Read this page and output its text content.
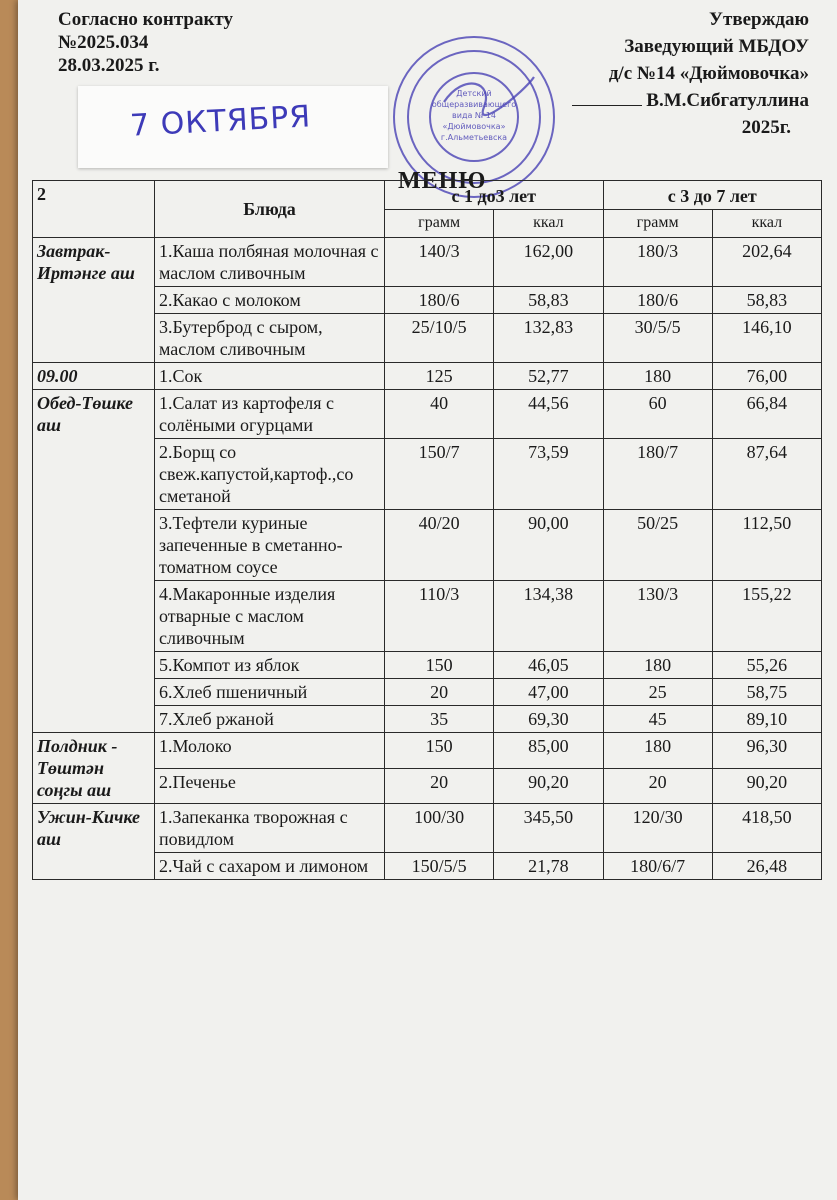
Согласно контракту
№2025.034
28.03.2025 г.
Утверждаю
Заведующий МБДОУ
д/с №14 «Дюймовочка»
В.М.Сибгатуллина
2025г.
Детский
общеразвивающего
вида № 14
«Дюймовочка»
г.Альметьевска
7 ОКТЯБРЯ
МЕНЮ
2	Блюда	с 1 до3 лет		с 3 до 7 лет	
		грамм	ккал	грамм	ккал
Завтрак-Иртәнге аш	1.Каша полбяная молочная с маслом сливочным	140/3	162,00	180/3	202,64
	2.Какао с молоком	180/6	58,83	180/6	58,83
	3.Бутерброд с сыром, маслом сливочным	25/10/5	132,83	30/5/5	146,10
09.00	1.Сок	125	52,77	180	76,00
Обед-Төшке аш	1.Салат из картофеля с солёными огурцами	40	44,56	60	66,84
	2.Борщ со свеж.капустой,картоф.,со сметаной	150/7	73,59	180/7	87,64
	3.Тефтели куриные запеченные в сметанно-томатном соусе	40/20	90,00	50/25	112,50
	4.Макаронные изделия отварные с маслом сливочным	110/3	134,38	130/3	155,22
	5.Компот из яблок	150	46,05	180	55,26
	6.Хлеб пшеничный	20	47,00	25	58,75
	7.Хлеб ржаной	35	69,30	45	89,10
Полдник - Төштән соңгы аш	1.Молоко	150	85,00	180	96,30
	2.Печенье	20	90,20	20	90,20
Ужин-Кичке аш	1.Запеканка творожная с повидлом	100/30	345,50	120/30	418,50
	2.Чай с сахаром и лимоном	150/5/5	21,78	180/6/7	26,48
